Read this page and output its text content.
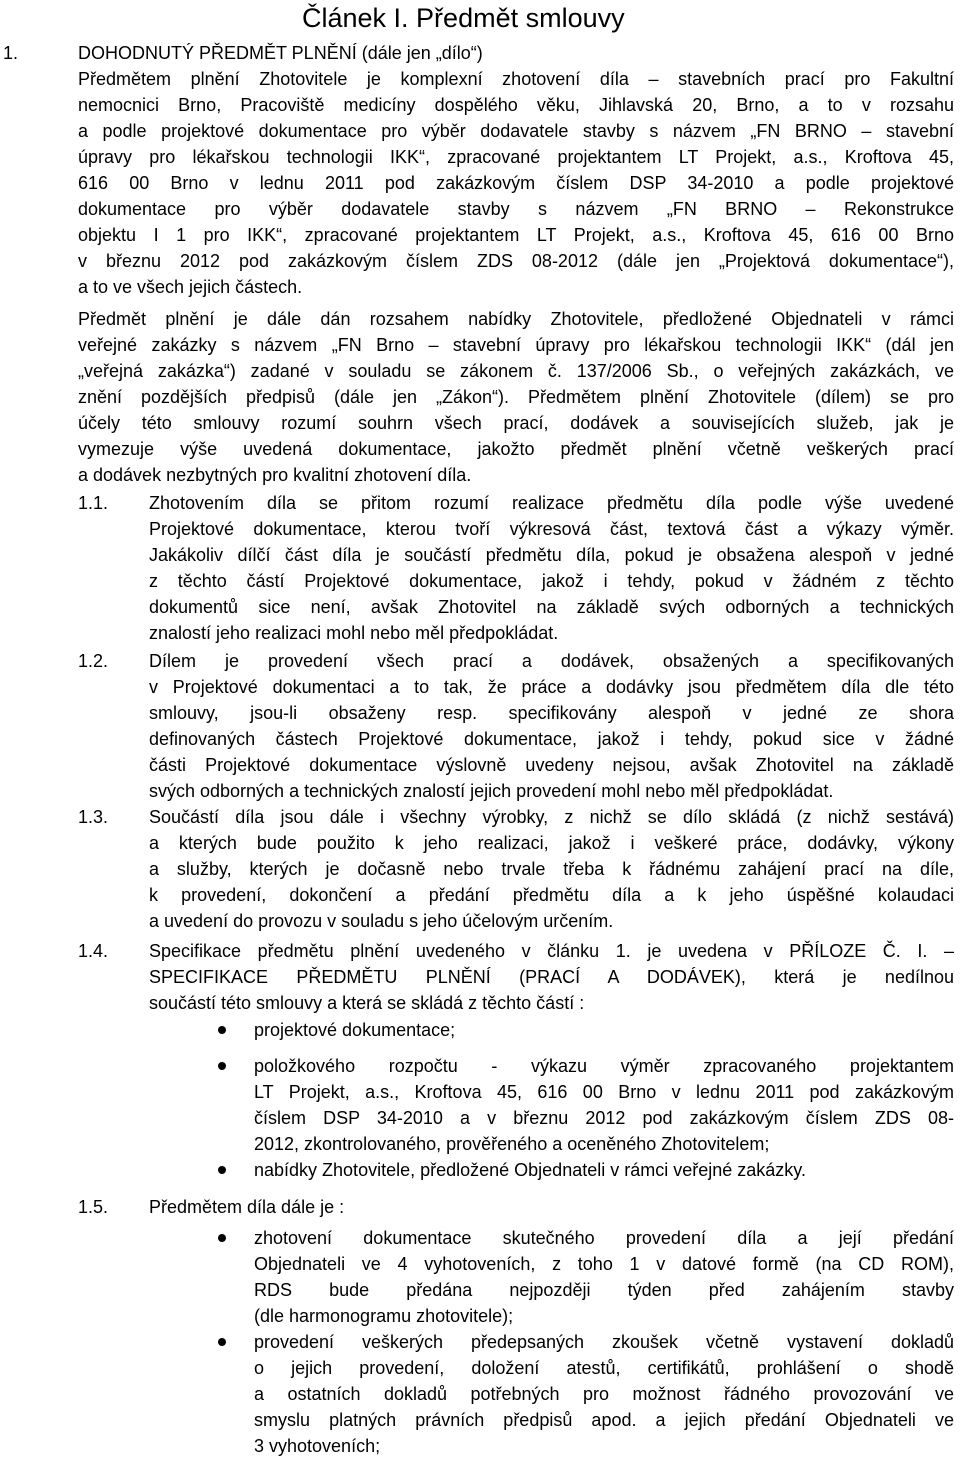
Článek I. Předmět smlouvy
1.	DOHODNUTÝ PŘEDMĚT PLNĚNÍ (dále jen „dílo“)
Předmětem plnění Zhotovitele je komplexní zhotovení díla – stavebních prací pro Fakultní
nemocnici Brno, Pracoviště medicíny dospělého věku, Jihlavská 20, Brno, a to v rozsahu
a podle projektové dokumentace pro výběr dodavatele stavby s názvem „FN BRNO – stavební
úpravy pro lékařskou technologii IKK“, zpracované projektantem LT Projekt, a.s., Kroftova 45,
616 00 Brno v lednu 2011 pod zakázkovým číslem DSP 34-2010 a podle projektové
dokumentace pro výběr dodavatele stavby s názvem „FN BRNO – Rekonstrukce
objektu I 1 pro IKK“, zpracované projektantem LT Projekt, a.s., Kroftova 45, 616 00 Brno
v březnu 2012 pod zakázkovým číslem ZDS 08-2012 (dále jen „Projektová dokumentace“),
a to ve všech jejich částech.
Předmět plnění je dále dán rozsahem nabídky Zhotovitele, předložené Objednateli v rámci
veřejné zakázky s názvem „FN Brno – stavební úpravy pro lékařskou technologii IKK“ (dál jen
„veřejná zakázka“) zadané v souladu se zákonem č. 137/2006 Sb., o veřejných zakázkách, ve
znění pozdějších předpisů (dále jen „Zákon“). Předmětem plnění Zhotovitele (dílem) se pro
účely této smlouvy rozumí souhrn všech prací, dodávek a souvisejících služeb, jak je
vymezuje výše uvedená dokumentace, jakožto předmět plnění včetně veškerých prací
a dodávek nezbytných pro kvalitní zhotovení díla.
1.1. Zhotovením díla se přitom rozumí realizace předmětu díla podle výše uvedené
Projektové dokumentace, kterou tvoří výkresová část, textová část a výkazy výměr.
Jakákoliv dílčí část díla je součástí předmětu díla, pokud je obsažena alespoň v jedné
z těchto částí Projektové dokumentace, jakož i tehdy, pokud v žádném z těchto
dokumentů sice není, avšak Zhotovitel na základě svých odborných a technických
znalostí jeho realizaci mohl nebo měl předpokládat.
1.2. Dílem je provedení všech prací a dodávek, obsažených a specifikovaných
v Projektové dokumentaci a to tak, že práce a dodávky jsou předmětem díla dle této
smlouvy, jsou-li obsaženy resp. specifikovány alespoň v jedné ze shora
definovaných částech Projektové dokumentace, jakož i tehdy, pokud sice v žádné
části Projektové dokumentace výslovně uvedeny nejsou, avšak Zhotovitel na základě
svých odborných a technických znalostí jejich provedení mohl nebo měl předpokládat.
1.3. Součástí díla jsou dále i všechny výrobky, z nichž se dílo skládá (z nichž sestává)
a kterých bude použito k jeho realizaci, jakož i veškeré práce, dodávky, výkony
a služby, kterých je dočasně nebo trvale třeba k řádnému zahájení prací na díle,
k provedení, dokončení a předání předmětu díla a k jeho úspěšné kolaudaci
a uvedení do provozu v souladu s jeho účelovým určením.
1.4. Specifikace předmětu plnění uvedeného v článku 1. je uvedena v PŘÍLOZE Č. I. –
SPECIFIKACE PŘEDMĚTU PLNĚNÍ (PRACÍ A DODÁVEK), která je nedílnou
součástí této smlouvy a která se skládá z těchto částí :
projektové dokumentace;
položkového rozpočtu - výkazu výměr zpracovaného projektantem
LT Projekt, a.s., Kroftova 45, 616 00 Brno v lednu 2011 pod zakázkovým
číslem DSP 34-2010 a v březnu 2012 pod zakázkovým číslem ZDS 08-
2012, zkontrolovaného, prověřeného a oceněného Zhotovitelem;
nabídky Zhotovitele, předložené Objednateli v rámci veřejné zakázky.
1.5. Předmětem díla dále je :
zhotovení dokumentace skutečného provedení díla a její předání
Objednateli ve 4 vyhotoveních, z toho 1 v datové formě (na CD ROM),
RDS bude předána nejpozději týden před zahájením stavby
(dle harmonogramu zhotovitele);
provedení veškerých předepsaných zkoušek včetně vystavení dokladů
o jejich provedení, doložení atestů, certifikátů, prohlášení o shodě
a ostatních dokladů potřebných pro možnost řádného provozování ve
smyslu platných právních předpisů apod. a jejich předání Objednateli ve
3 vyhotoveních;
